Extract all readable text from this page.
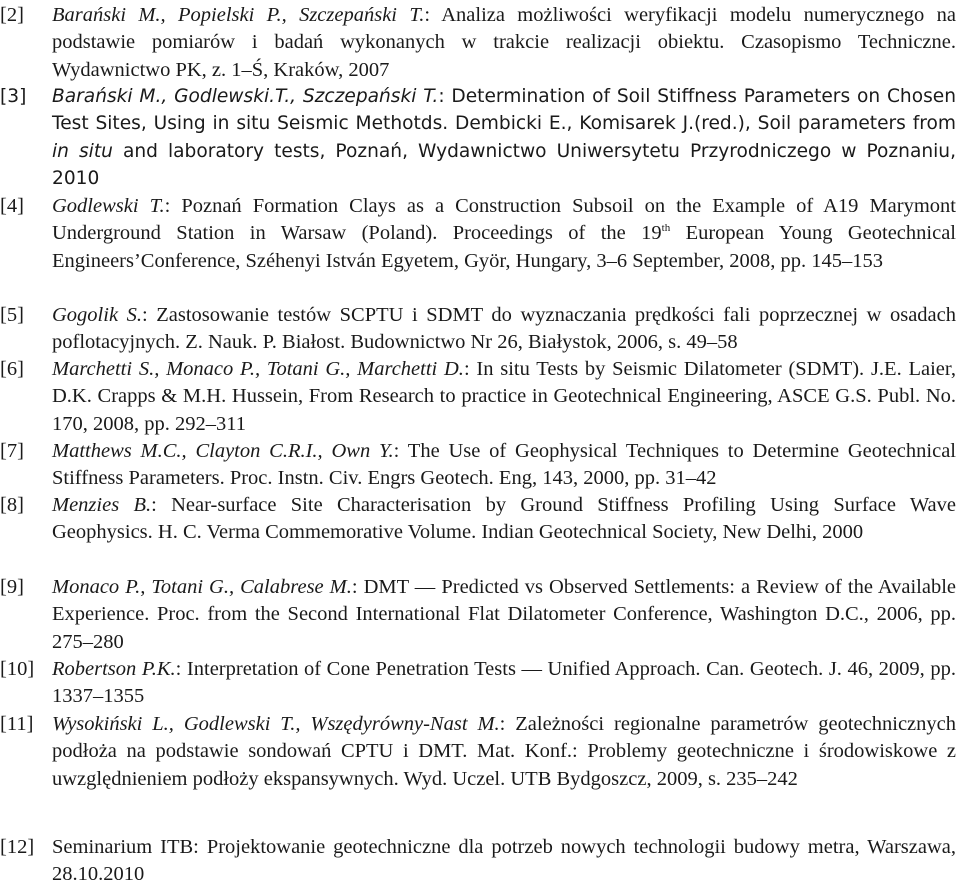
[2]	Barański M., Popielski P., Szczepański T.: Analiza możliwości weryfikacji modelu numerycznego na podstawie pomiarów i badań wykonanych w trakcie realizacji obiektu. Czasopismo Techniczne. Wydawnictwo PK, z. 1–Ś, Kraków, 2007
[3]	Barański M., Godlewski.T., Szczepański T.: Determination of Soil Stiffness Parameters on Chosen Test Sites, Using in situ Seismic Methotds. Dembicki E., Komisarek J.(red.), Soil parameters from in situ and laboratory tests, Poznań, Wydawnictwo Uniwersytetu Przyrodniczego w Poznaniu, 2010
[4]	Godlewski T.: Poznań Formation Clays as a Construction Subsoil on the Example of A19 Marymont Underground Station in Warsaw (Poland). Proceedings of the 19th European Young Geotechnical Engineers’Conference, Széhenyi István Egyetem, Györ, Hungary, 3–6 September, 2008, pp. 145–153
[5]	Gogolik S.: Zastosowanie testów SCPTU i SDMT do wyznaczania prędkości fali poprzecznej w osadach poflotacyjnych. Z. Nauk. P. Białost. Budownictwo Nr 26, Białystok, 2006, s. 49–58
[6]	Marchetti S., Monaco P., Totani G., Marchetti D.: In situ Tests by Seismic Dilatometer (SDMT). J.E. Laier, D.K. Crapps & M.H. Hussein, From Research to practice in Geotechnical Engineering, ASCE G.S. Publ. No. 170, 2008, pp. 292–311
[7]	Matthews M.C., Clayton C.R.I., Own Y.: The Use of Geophysical Techniques to Determine Geotechnical Stiffness Parameters. Proc. Instn. Civ. Engrs Geotech. Eng, 143, 2000, pp. 31–42
[8]	Menzies B.: Near-surface Site Characterisation by Ground Stiffness Profiling Using Surface Wave Geophysics. H. C. Verma Commemorative Volume. Indian Geotechnical Society, New Delhi, 2000
[9]	Monaco P., Totani G., Calabrese M.: DMT — Predicted vs Observed Settlements: a Review of the Available Experience. Proc. from the Second International Flat Dilatometer Conference, Washington D.C., 2006, pp. 275–280
[10] Robertson P.K.: Interpretation of Cone Penetration Tests — Unified Approach. Can. Geotech. J. 46, 2009, pp. 1337–1355
[11] Wysokiński L., Godlewski T., Wszędyrówny-Nast M.: Zależności regionalne parametrów geotechnicznych podłoża na podstawie sondowań CPTU i DMT. Mat. Konf.: Problemy geotechniczne i środowiskowe z uwzględnieniem podłoży ekspansywnych. Wyd. Uczel. UTB Bydgoszcz, 2009, s. 235–242
[12] Seminarium ITB: Projektowanie geotechniczne dla potrzeb nowych technologii budowy metra, Warszawa, 28.10.2010
